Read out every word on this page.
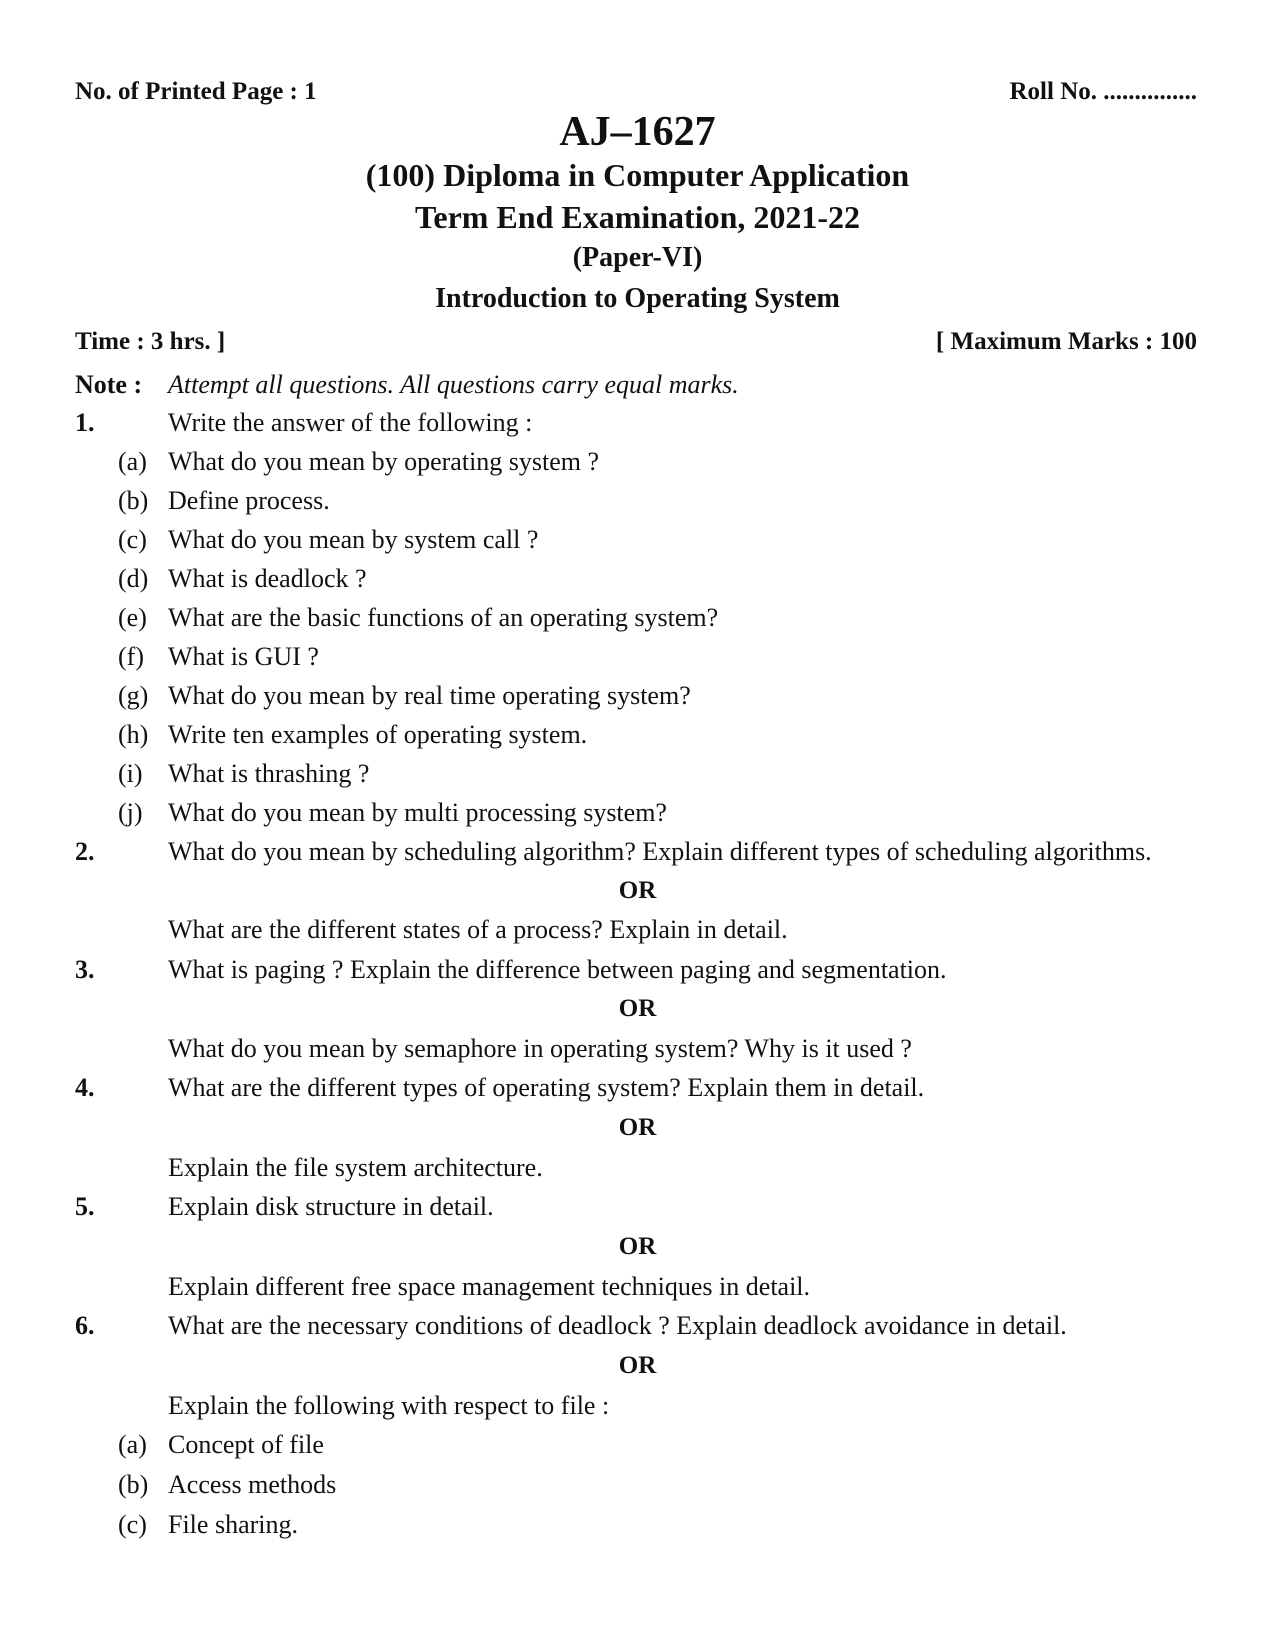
No. of Printed Page : 1	Roll No. ...............
AJ–1627
(100) Diploma in Computer Application
Term End Examination, 2021-22
(Paper-VI)
Introduction to Operating System
Time : 3 hrs. ]	[ Maximum Marks : 100
Note : Attempt all questions. All questions carry equal marks.
1.	Write the answer of the following :
(a) What do you mean by operating system ?
(b) Define process.
(c) What do you mean by system call ?
(d) What is deadlock ?
(e) What are the basic functions of an operating system?
(f) What is GUI ?
(g) What do you mean by real time operating system?
(h) Write ten examples of operating system.
(i) What is thrashing ?
(j) What do you mean by multi processing system?
2.	What do you mean by scheduling algorithm? Explain different types of scheduling algorithms.
OR
What are the different states of a process? Explain in detail.
3.	What is paging ? Explain the difference between paging and segmentation.
OR
What do you mean by semaphore in operating system? Why is it used ?
4.	What are the different types of operating system? Explain them in detail.
OR
Explain the file system architecture.
5.	Explain disk structure in detail.
OR
Explain different free space management techniques in detail.
6.	What are the necessary conditions of deadlock ? Explain deadlock avoidance in detail.
OR
Explain the following with respect to file :
(a) Concept of file
(b) Access methods
(c) File sharing.
